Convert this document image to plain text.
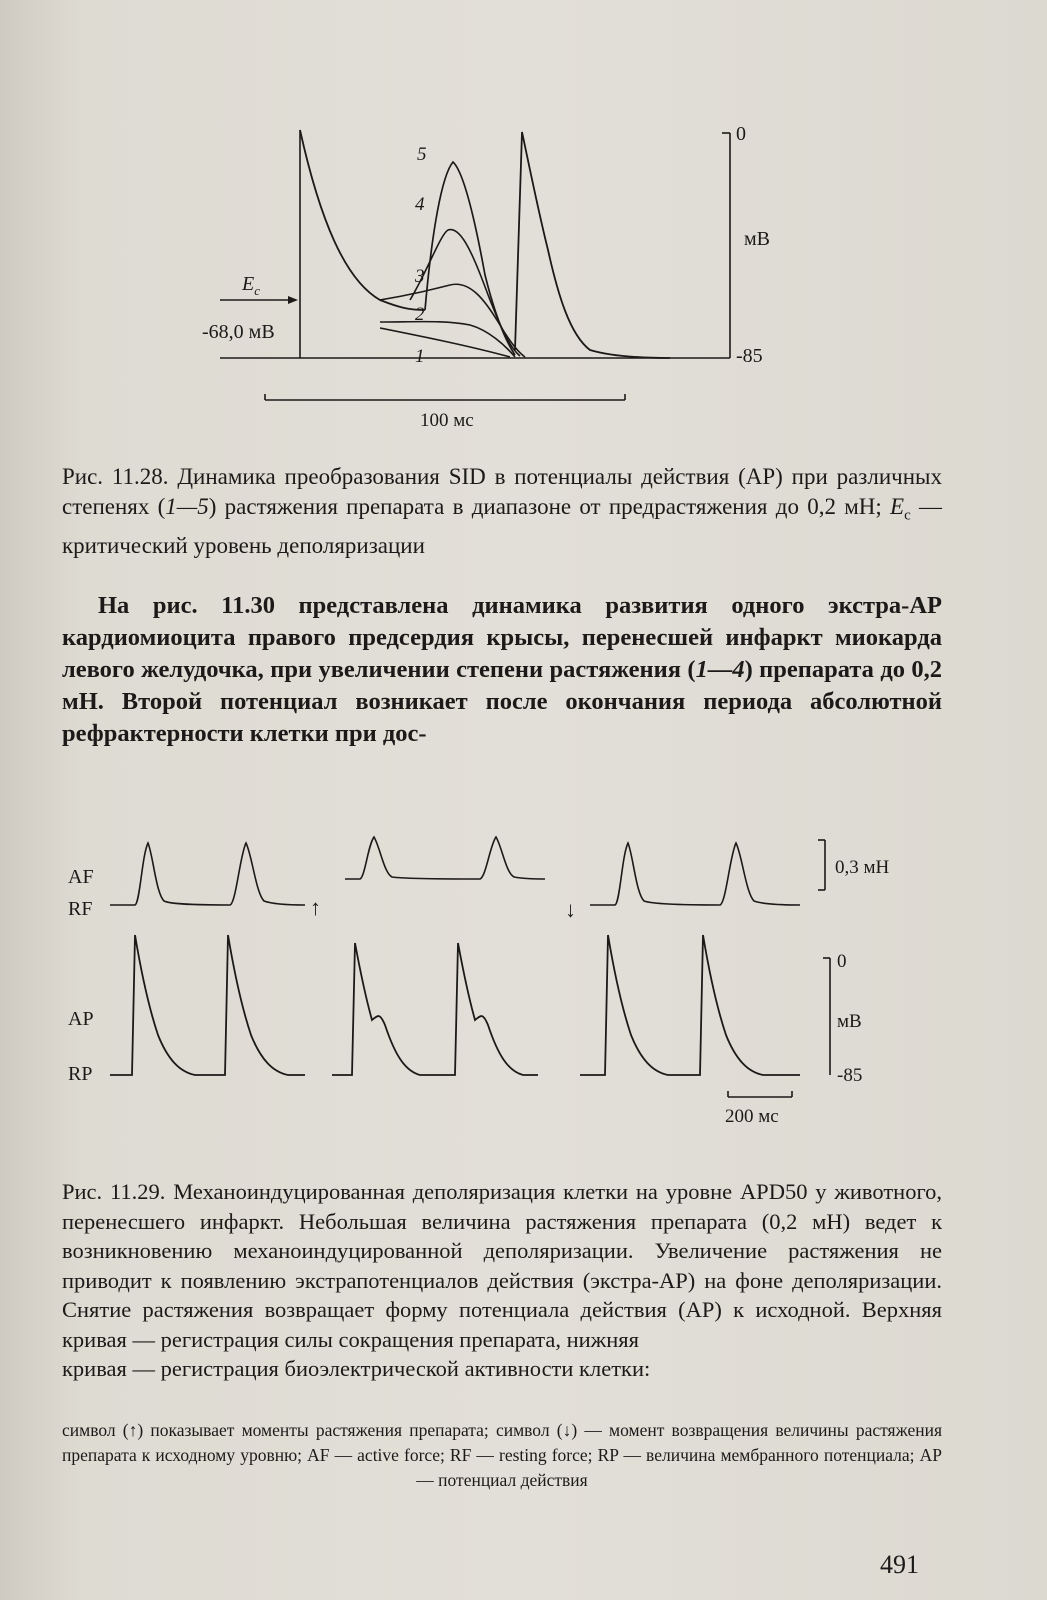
0
мВ
-85
$E_c$
-68,0 мВ
5
4
3
2
1
100 мс

Рис. 11.28. Динамика преобразования SID в потенциалы действия (AP) при различных степенях (1—5) растяжения препарата в диапазоне от предрастяжения до 0,2 мН; $E_c$ — критический уровень деполяризации

На рис. 11.30 представлена динамика развития одного экстра-AP кардиомиоцита правого предсердия крысы, перенесшей инфаркт миокарда левого желудочка, при увеличении степени растяжения (1—4) препарата до 0,2 мН. Второй потенциал возникает после окончания периода абсолютной рефрактерности клетки при дос-

AF
RF
AP
RP
↑	↓
0,3 мН
0
мВ
-85
200 мс

Рис. 11.29. Механоиндуцированная деполяризация клетки на уровне APD50 у животного, перенесшего инфаркт. Небольшая величина растяжения препарата (0,2 мН) ведет к возникновению механоиндуцированной деполяризации. Увеличение растяжения не приводит к появлению экстрапотенциалов действия (экстра-AP) на фоне деполяризации. Снятие растяжения возвращает форму потенциала действия (AP) к исходной. Верхняя кривая — регистрация силы сокращения препарата, нижняя

кривая — регистрация биоэлектрической активности клетки:

символ (↑) показывает моменты растяжения препарата; символ (↓) — момент возвращения величины растяжения препарата к исходному уровню; AF — active force; RF — resting force; RP — величина мембранного потенциала; AP — потенциал действия

491
